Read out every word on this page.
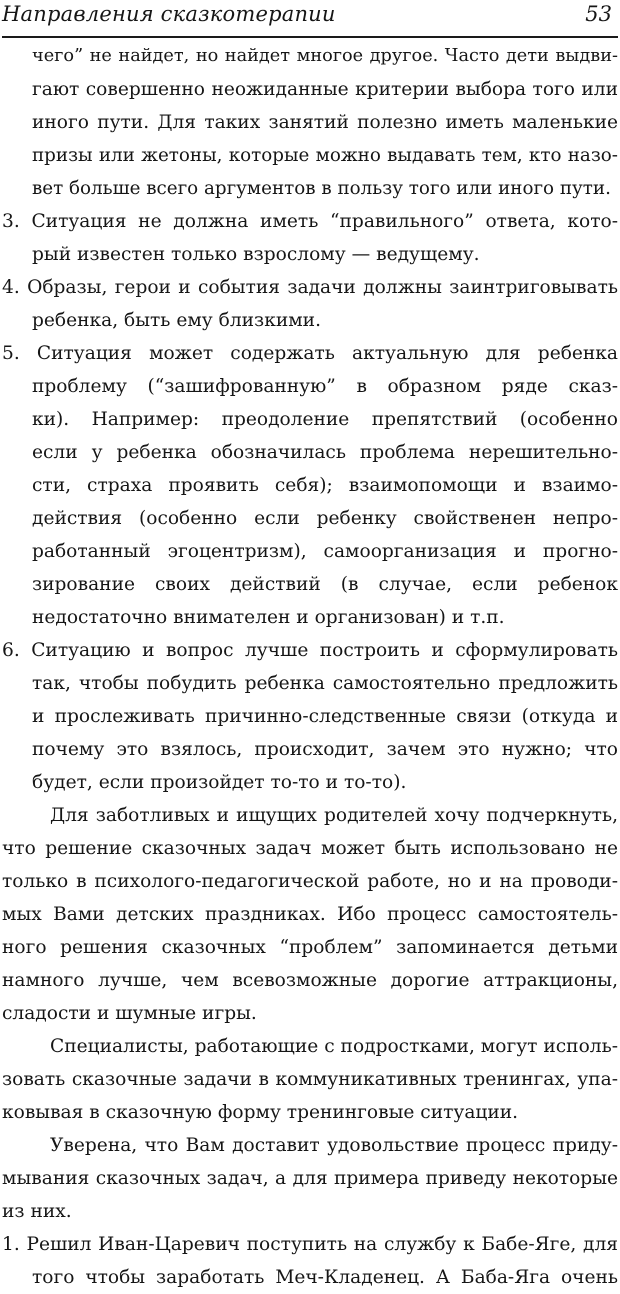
Направления сказкотерапии	53
чего” не найдет, но найдет многое другое. Часто дети выдви-
гают совершенно неожиданные критерии выбора того или
иного пути. Для таких занятий полезно иметь маленькие
призы или жетоны, которые можно выдавать тем, кто назо-
вет больше всего аргументов в пользу того или иного пути.
3. Ситуация не должна иметь “правильного” ответа, кото-
рый известен только взрослому — ведущему.
4. Образы, герои и события задачи должны заинтриговывать
ребенка, быть ему близкими.
5. Ситуация может содержать актуальную для ребенка
проблему (“зашифрованную” в образном ряде сказ-
ки). Например: преодоление препятствий (особенно
если у ребенка обозначилась проблема нерешительно-
сти, страха проявить себя); взаимопомощи и взаимо-
действия (особенно если ребенку свойственен непро-
работанный эгоцентризм), самоорганизация и прогно-
зирование своих действий (в случае, если ребенок
недостаточно внимателен и организован) и т.п.
6. Ситуацию и вопрос лучше построить и сформулировать
так, чтобы побудить ребенка самостоятельно предложить
и прослеживать причинно-следственные связи (откуда и
почему это взялось, происходит, зачем это нужно; что
будет, если произойдет то-то и то-то).
Для заботливых и ищущих родителей хочу подчеркнуть,
что решение сказочных задач может быть использовано не
только в психолого-педагогической работе, но и на проводи-
мых Вами детских праздниках. Ибо процесс самостоятель-
ного решения сказочных “проблем” запоминается детьми
намного лучше, чем всевозможные дорогие аттракционы,
сладости и шумные игры.
Специалисты, работающие с подростками, могут исполь-
зовать сказочные задачи в коммуникативных тренингах, упа-
ковывая в сказочную форму тренинговые ситуации.
Уверена, что Вам доставит удовольствие процесс приду-
мывания сказочных задач, а для примера приведу некоторые
из них.
1. Решил Иван-Царевич поступить на службу к Бабе-Яге, для
того чтобы заработать Меч-Кладенец. А Баба-Яга очень
